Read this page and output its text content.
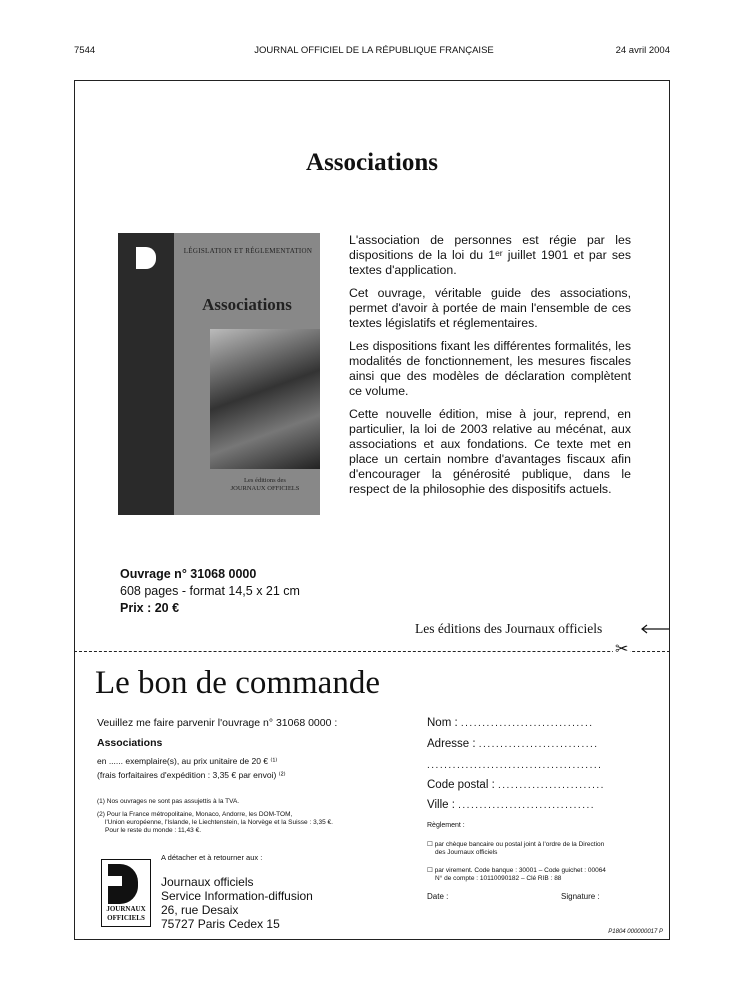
7544	JOURNAL OFFICIEL DE LA RÉPUBLIQUE FRANÇAISE	24 avril 2004
Associations
LÉGISLATION ET RÉGLEMENTATION
Associations
Les éditions des
JOURNAUX OFFICIELS

L'association de personnes est régie par les dispositions de la loi du 1ᵉʳ juillet 1901 et par ses textes d'application.

Cet ouvrage, véritable guide des associations, permet d'avoir à portée de main l'ensemble de ces textes législatifs et réglementaires.

Les dispositions fixant les différentes formalités, les modalités de fonctionnement, les mesures fiscales ainsi que des modèles de déclaration complètent ce volume.

Cette nouvelle édition, mise à jour, reprend, en particulier, la loi de 2003 relative au mécénat, aux associations et aux fondations. Ce texte met en place un certain nombre d'avantages fiscaux afin d'encourager la générosité publique, dans le respect de la philosophie des dispositifs actuels.

Ouvrage n° 31068 0000
608 pages - format 14,5 x 21 cm
Prix : 20 €
Les éditions des Journaux officiels
✂
Le bon de commande
Veuillez me faire parvenir l'ouvrage n° 31068 0000 :
Associations
en ...... exemplaire(s), au prix unitaire de 20 € ⁽¹⁾
(frais forfaitaires d'expédition : 3,35 € par envoi) ⁽²⁾
(1) Nos ouvrages ne sont pas assujettis à la TVA.
(2) Pour la France métropolitaine, Monaco, Andorre, les DOM-TOM,
l'Union européenne, l'Islande, le Liechtenstein, la Norvège et la Suisse : 3,35 €.
Pour le reste du monde : 11,43 €.
A détacher et à retourner aux :
JOURNAUX
OFFICIELS
Journaux officiels
Service Information-diffusion
26, rue Desaix
75727 Paris Cedex 15
Nom : ...............................
Adresse : ............................
.........................................
Code postal : .........................
Ville : ................................
Règlement :
☐ par chèque bancaire ou postal joint à l'ordre de la Direction
des Journaux officiels
☐ par virement. Code banque : 30001 – Code guichet : 00064
N° de compte : 10110090182 – Clé RIB : 88
Date :	Signature :
P1804 000000017 P
